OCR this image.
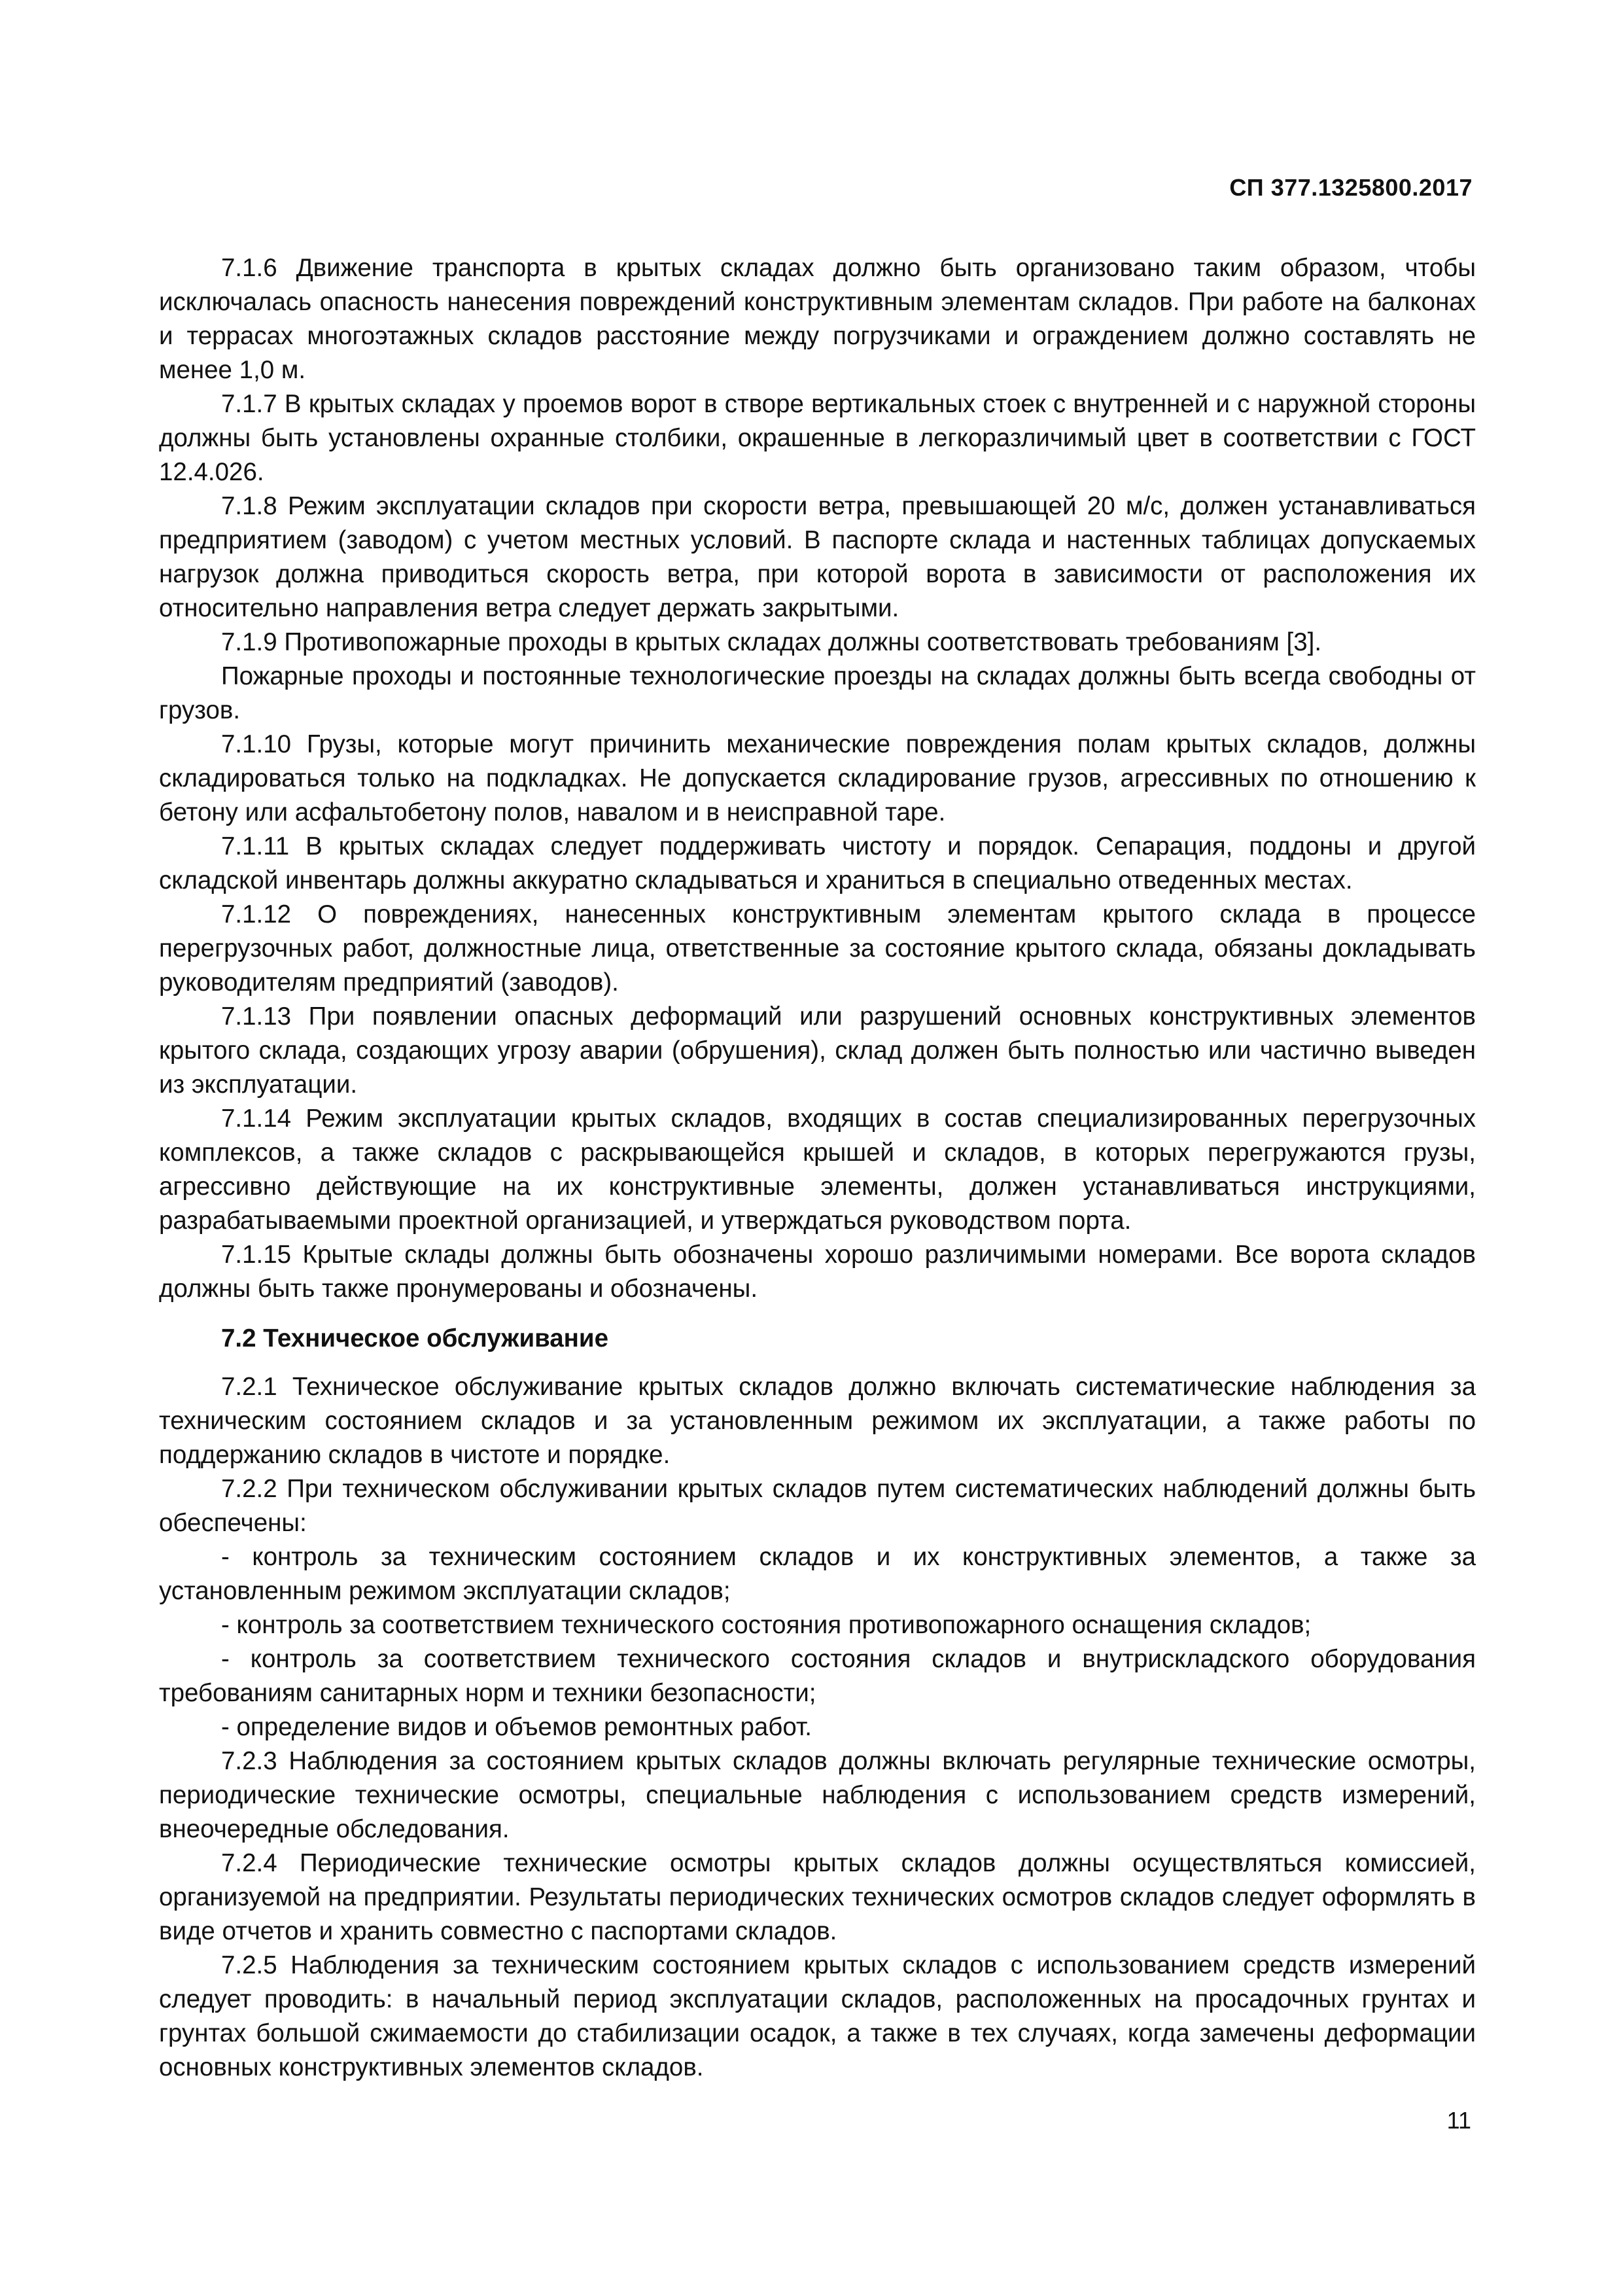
СП 377.1325800.2017

7.1.6 Движение транспорта в крытых складах должно быть организовано таким образом, чтобы исключалась опасность нанесения повреждений конструктивным элементам складов. При работе на балконах и террасах многоэтажных складов расстояние между погрузчиками и ограждением должно составлять не менее 1,0 м.

7.1.7 В крытых складах у проемов ворот в створе вертикальных стоек с внутренней и с наружной стороны должны быть установлены охранные столбики, окрашенные в легкоразличимый цвет в соответствии с ГОСТ 12.4.026.

7.1.8 Режим эксплуатации складов при скорости ветра, превышающей 20 м/с, должен устанавливаться предприятием (заводом) с учетом местных условий. В паспорте склада и настенных таблицах допускаемых нагрузок должна приводиться скорость ветра, при которой ворота в зависимости от расположения их относительно направления ветра следует держать закрытыми.

7.1.9 Противопожарные проходы в крытых складах должны соответствовать требованиям [3].

Пожарные проходы и постоянные технологические проезды на складах должны быть всегда свободны от грузов.

7.1.10 Грузы, которые могут причинить механические повреждения полам крытых складов, должны складироваться только на подкладках. Не допускается складирование грузов, агрессивных по отношению к бетону или асфальтобетону полов, навалом и в неисправной таре.

7.1.11 В крытых складах следует поддерживать чистоту и порядок. Сепарация, поддоны и другой складской инвентарь должны аккуратно складываться и храниться в специально отведенных местах.

7.1.12 О повреждениях, нанесенных конструктивным элементам крытого склада в процессе перегрузочных работ, должностные лица, ответственные за состояние крытого склада, обязаны докладывать руководителям предприятий (заводов).

7.1.13 При появлении опасных деформаций или разрушений основных конструктивных элементов крытого склада, создающих угрозу аварии (обрушения), склад должен быть полностью или частично выведен из эксплуатации.

7.1.14 Режим эксплуатации крытых складов, входящих в состав специализированных перегрузочных комплексов, а также складов с раскрывающейся крышей и складов, в которых перегружаются грузы, агрессивно действующие на их конструктивные элементы, должен устанавливаться инструкциями, разрабатываемыми проектной организацией, и утверждаться руководством порта.

7.1.15 Крытые склады должны быть обозначены хорошо различимыми номерами. Все ворота складов должны быть также пронумерованы и обозначены.

7.2 Техническое обслуживание

7.2.1 Техническое обслуживание крытых складов должно включать систематические наблюдения за техническим состоянием складов и за установленным режимом их эксплуатации, а также работы по поддержанию складов в чистоте и порядке.

7.2.2 При техническом обслуживании крытых складов путем систематических наблюдений должны быть обеспечены:

- контроль за техническим состоянием складов и их конструктивных элементов, а также за установленным режимом эксплуатации складов;

- контроль за соответствием технического состояния противопожарного оснащения складов;

- контроль за соответствием технического состояния складов и внутрискладского оборудования требованиям санитарных норм и техники безопасности;

- определение видов и объемов ремонтных работ.

7.2.3 Наблюдения за состоянием крытых складов должны включать регулярные технические осмотры, периодические технические осмотры, специальные наблюдения с использованием средств измерений, внеочередные обследования.

7.2.4 Периодические технические осмотры крытых складов должны осуществляться комиссией, организуемой на предприятии. Результаты периодических технических осмотров складов следует оформлять в виде отчетов и хранить совместно с паспортами складов.

7.2.5 Наблюдения за техническим состоянием крытых складов с использованием средств измерений следует проводить: в начальный период эксплуатации складов, расположенных на просадочных грунтах и грунтах большой сжимаемости до стабилизации осадок, а также в тех случаях, когда замечены деформации основных конструктивных элементов складов.

11
